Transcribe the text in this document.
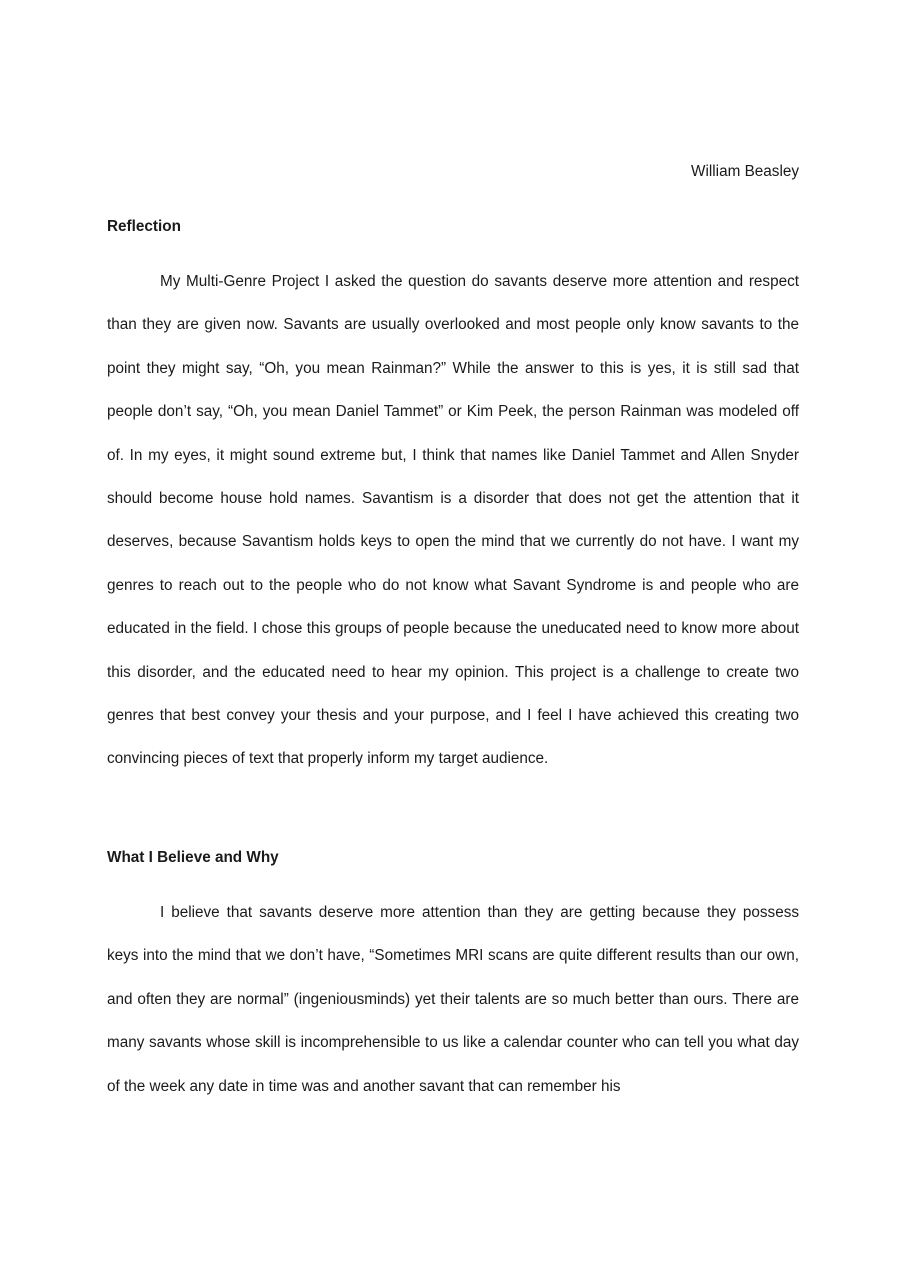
William Beasley
Reflection

My Multi-Genre Project I asked the question do savants deserve more attention and respect than they are given now. Savants are usually overlooked and most people only know savants to the point they might say, “Oh, you mean Rainman?” While the answer to this is yes, it is still sad that people don’t say, “Oh, you mean Daniel Tammet” or Kim Peek, the person Rainman was modeled off of. In my eyes, it might sound extreme but, I think that names like Daniel Tammet and Allen Snyder should become house hold names. Savantism is a disorder that does not get the attention that it deserves, because Savantism holds keys to open the mind that we currently do not have. I want my genres to reach out to the people who do not know what Savant Syndrome is and people who are educated in the field. I chose this groups of people because the uneducated need to know more about this disorder, and the educated need to hear my opinion. This project is a challenge to create two genres that best convey your thesis and your purpose, and I feel I have achieved this creating two convincing pieces of text that properly inform my target audience.

What I Believe and Why

I believe that savants deserve more attention than they are getting because they possess keys into the mind that we don’t have, “Sometimes MRI scans are quite different results than our own, and often they are normal” (ingeniousminds) yet their talents are so much better than ours. There are many savants whose skill is incomprehensible to us like a calendar counter who can tell you what day of the week any date in time was and another savant that can remember his
